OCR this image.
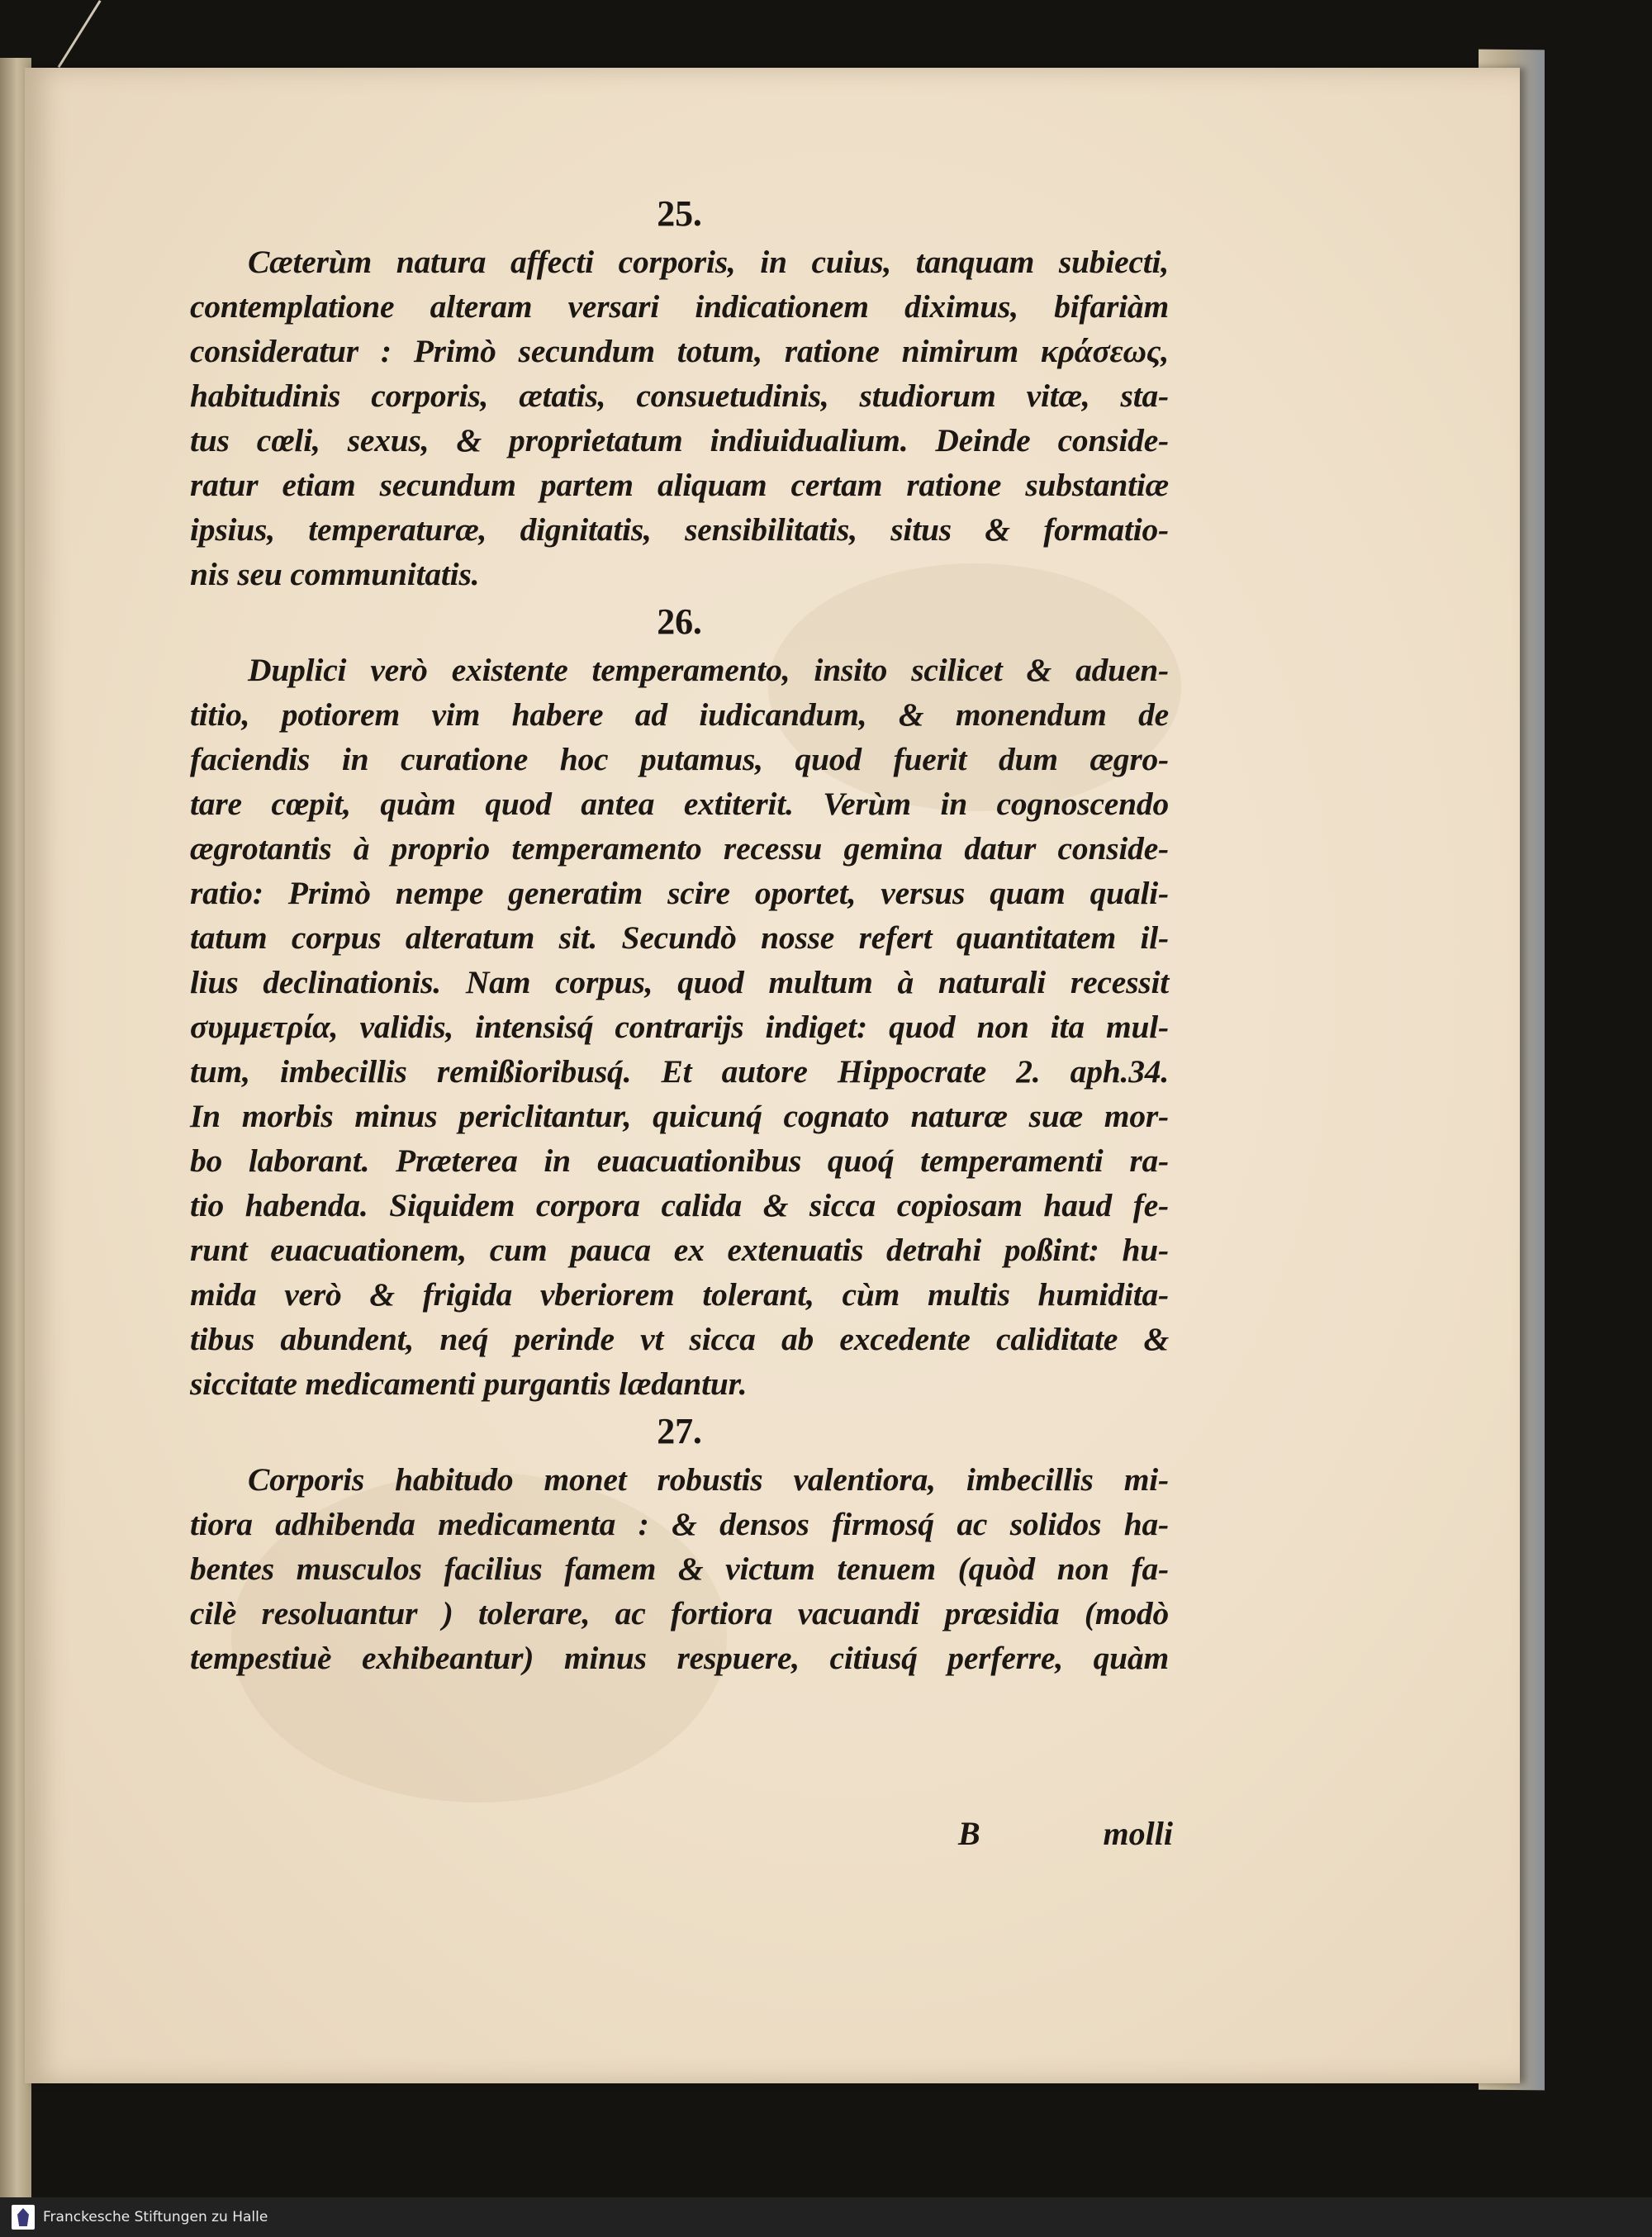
25.
Cæterùm natura affecti corporis, in cuius, tanquam subiecti,
contemplatione alteram versari indicationem diximus, bifariàm
consideratur : Primò secundum totum, ratione nimirum κράσεως,
habitudinis corporis, ætatis, consuetudinis, studiorum vitæ, sta-
tus cœli, sexus, & proprietatum indiuidualium. Deinde conside-
ratur etiam secundum partem aliquam certam ratione substantiæ
ipsius, temperaturæ, dignitatis, sensibilitatis, situs & formatio-
nis seu communitatis.
26.
Duplici verò existente temperamento, insito scilicet & aduen-
titio, potiorem vim habere ad iudicandum, & monendum de
faciendis in curatione hoc putamus, quod fuerit dum ægro-
tare cœpit, quàm quod antea extiterit. Verùm in cognoscendo
ægrotantis à proprio temperamento recessu gemina datur conside-
ratio: Primò nempe generatim scire oportet, versus quam quali-
tatum corpus alteratum sit. Secundò nosse refert quantitatem il-
lius declinationis. Nam corpus, quod multum à naturali recessit
συμμετρία, validis, intensisq́ contrarijs indiget: quod non ita mul-
tum, imbecillis remißioribusq́. Et autore Hippocrate 2. aph.34.
In morbis minus periclitantur, quicunq́ cognato naturæ suæ mor-
bo laborant. Præterea in euacuationibus quoq́ temperamenti ra-
tio habenda. Siquidem corpora calida & sicca copiosam haud fe-
runt euacuationem, cum pauca ex extenuatis detrahi poßint: hu-
mida verò & frigida vberiorem tolerant, cùm multis humidita-
tibus abundent, neq́ perinde vt sicca ab excedente caliditate &
siccitate medicamenti purgantis lædantur.
27.
Corporis habitudo monet robustis valentiora, imbecillis mi-
tiora adhibenda medicamenta : & densos firmosq́ ac solidos ha-
bentes musculos facilius famem & victum tenuem (quòd non fa-
cilè resoluantur ) tolerare, ac fortiora vacuandi præsidia (modò
tempestiuè exhibeantur) minus respuere, citiusq́ perferre, quàm
B	molli
Franckesche Stiftungen zu Halle
